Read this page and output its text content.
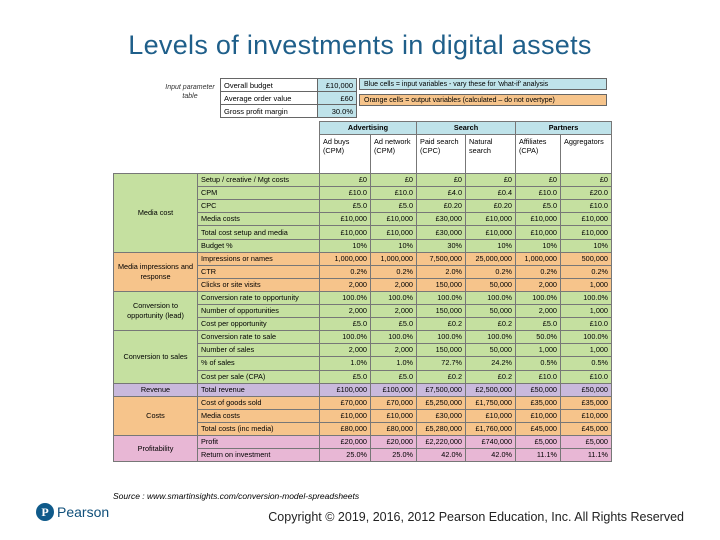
Levels of investments in digital assets
Input parameter table
Overall budget	£10,000
Average order value	£60
Gross profit margin	30.0%
Blue cells = input variables - vary these for 'what-if' analysis
Orange cells = output variables (calculated – do not overtype)
		Advertising		Search		Partners	
		Ad buys (CPM)	Ad network (CPM)	Paid search (CPC)	Natural search	Affiliates (CPA)	Aggregators
Media cost	Setup / creative / Mgt costs	£0	£0	£0	£0	£0	£0
	CPM	£10.0	£10.0	£4.0	£0.4	£10.0	£20.0
	CPC	£5.0	£5.0	£0.20	£0.20	£5.0	£10.0
	Media costs	£10,000	£10,000	£30,000	£10,000	£10,000	£10,000
	Total cost setup and media	£10,000	£10,000	£30,000	£10,000	£10,000	£10,000
	Budget %	10%	10%	30%	10%	10%	10%
Media impressions and response	Impressions or names	1,000,000	1,000,000	7,500,000	25,000,000	1,000,000	500,000
	CTR	0.2%	0.2%	2.0%	0.2%	0.2%	0.2%
	Clicks or site visits	2,000	2,000	150,000	50,000	2,000	1,000
Conversion to opportunity (lead)	Conversion rate to opportunity	100.0%	100.0%	100.0%	100.0%	100.0%	100.0%
	Number of opportunities	2,000	2,000	150,000	50,000	2,000	1,000
	Cost per opportunity	£5.0	£5.0	£0.2	£0.2	£5.0	£10.0
Conversion to sales	Conversion rate to sale	100.0%	100.0%	100.0%	100.0%	50.0%	100.0%
	Number of sales	2,000	2,000	150,000	50,000	1,000	1,000
	% of sales	1.0%	1.0%	72.7%	24.2%	0.5%	0.5%
	Cost per sale (CPA)	£5.0	£5.0	£0.2	£0.2	£10.0	£10.0
Revenue	Total revenue	£100,000	£100,000	£7,500,000	£2,500,000	£50,000	£50,000
Costs	Cost of goods sold	£70,000	£70,000	£5,250,000	£1,750,000	£35,000	£35,000
	Media costs	£10,000	£10,000	£30,000	£10,000	£10,000	£10,000
	Total costs (inc media)	£80,000	£80,000	£5,280,000	£1,760,000	£45,000	£45,000
Profitability	Profit	£20,000	£20,000	£2,220,000	£740,000	£5,000	£5,000
	Return on investment	25.0%	25.0%	42.0%	42.0%	11.1%	11.1%
Source : www.smartinsights.com/conversion-model-spreadsheets
P Pearson	Copyright © 2019, 2016, 2012 Pearson Education, Inc. All Rights Reserved
